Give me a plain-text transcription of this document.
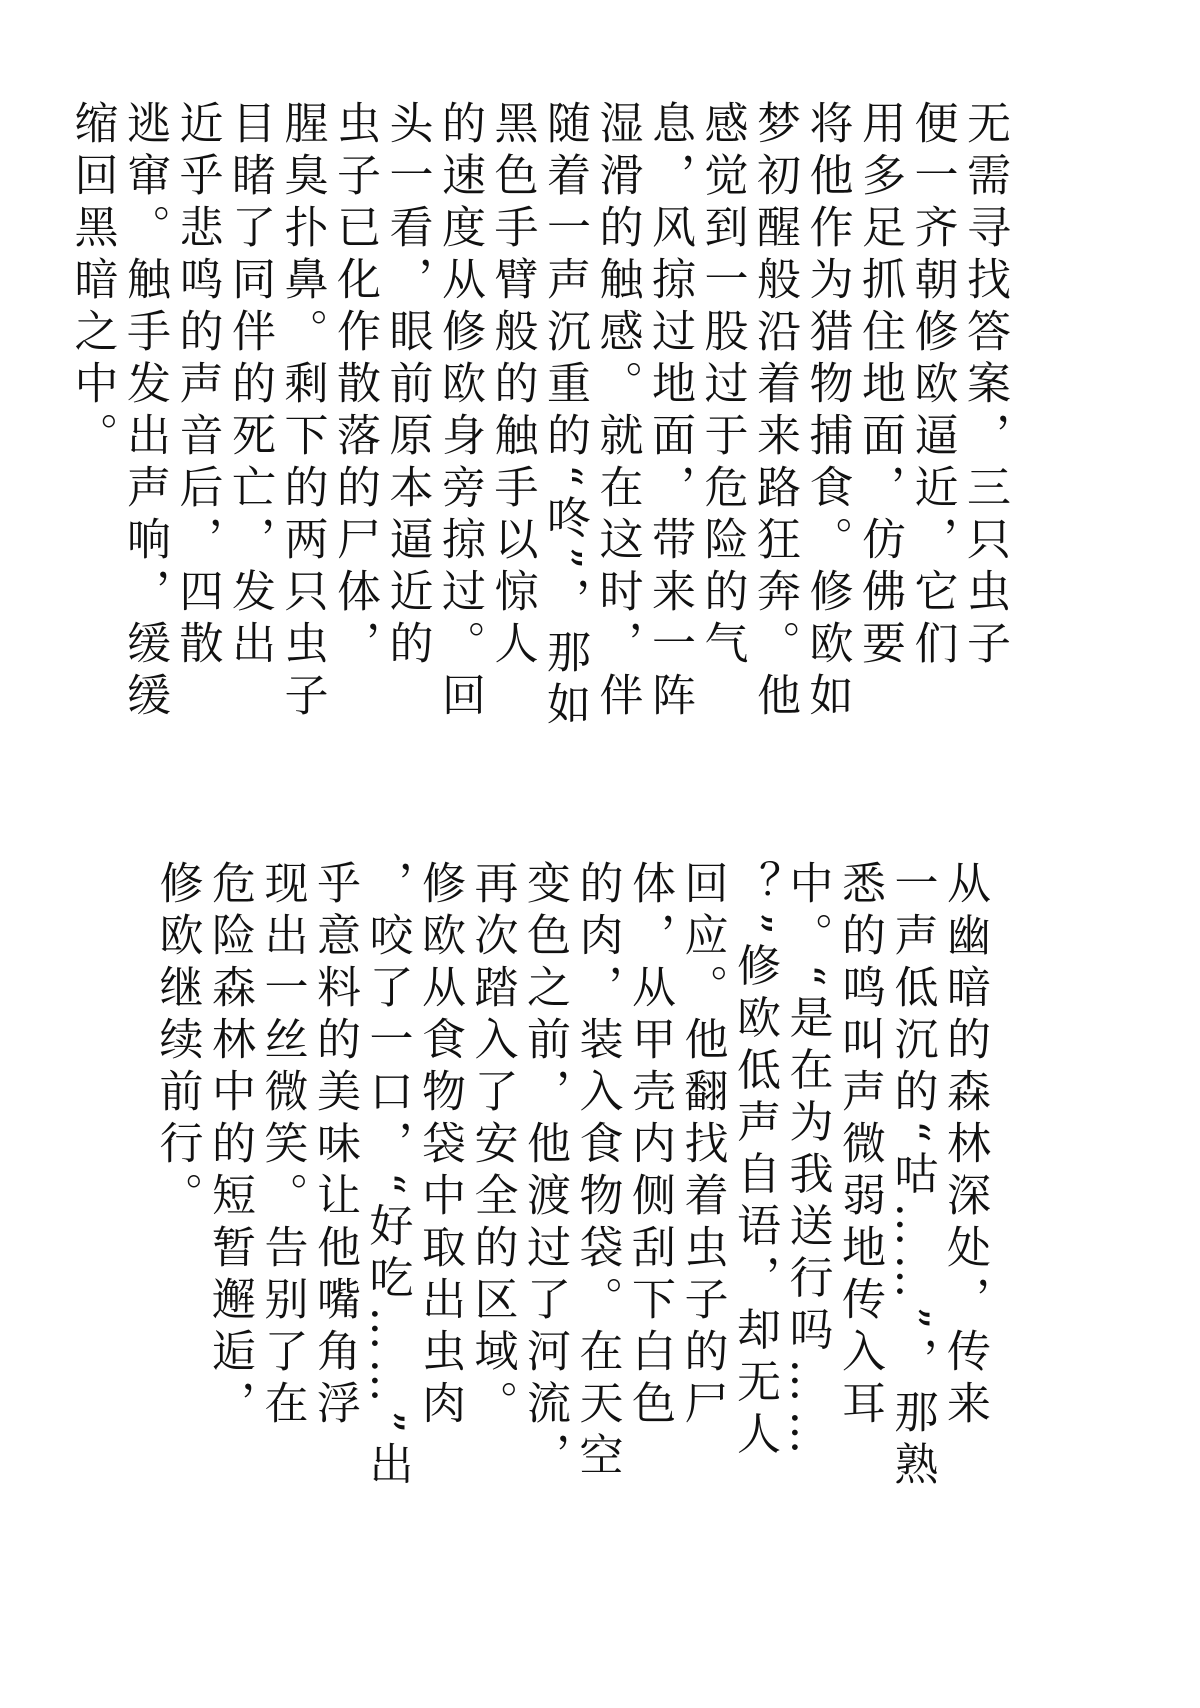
无需寻找答案，三只虫子
便一齐朝修欧逼近，它们
用多足抓住地面，仿佛要
将他作为猎物捕食。修欧如
梦初醒般沿着来路狂奔。他
感觉到一股过于危险的气
息，风掠过地面，带来一阵
湿滑的触感。就在这时，伴
随着一声沉重的“咚”，那如
黑色手臂般的触手以惊人
的速度从修欧身旁掠过。回
头一看，眼前原本逼近的
虫子已化作散落的尸体，
腥臭扑鼻。剩下的两只虫子
目睹了同伴的死亡，发出
近乎悲鸣的声音后，四散
逃窜。触手发出声响，缓缓
缩回黑暗之中。
从幽暗的森林深处，传来
一声低沉的“咕……”，那熟
悉的鸣叫声微弱地传入耳
中。“是在为我送行吗……
？”修欧低声自语，却无人
回应。他翻找着虫子的尸
体，从甲壳内侧刮下白色
的肉，装入食物袋。在天空
变色之前，他渡过了河流，
再次踏入了安全的区域。
修欧从食物袋中取出虫肉
，咬了一口，“好吃……”出
乎意料的美味让他嘴角浮
现出一丝微笑。告别了在
危险森林中的短暂邂逅，
修欧继续前行。
